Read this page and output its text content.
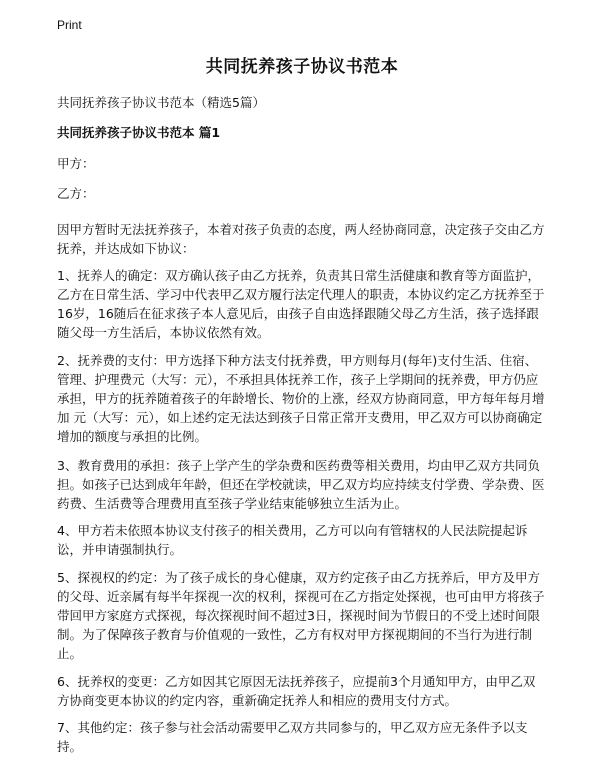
Print
共同抚养孩子协议书范本
共同抚养孩子协议书范本（精选5篇）
共同抚养孩子协议书范本 篇1

甲方：

乙方：

因甲方暂时无法抚养孩子，本着对孩子负责的态度，两人经协商同意，决定孩子交由乙方抚养，并达成如下协议：

1、抚养人的确定：双方确认孩子由乙方抚养，负责其日常生活健康和教育等方面监护，乙方在日常生活、学习中代表甲乙双方履行法定代理人的职责，本协议约定乙方抚养至于16岁，16随后在征求孩子本人意见后，由孩子自由选择跟随父母乙方生活，孩子选择跟随父母一方生活后，本协议依然有效。

2、抚养费的支付：甲方选择下种方法支付抚养费，甲方则每月(每年)支付生活、住宿、管理、护理费元（大写：元），不承担具体抚养工作，孩子上学期间的抚养费，甲方仍应承担，甲方的抚养随着孩子的年龄增长、物价的上涨，经双方协商同意，甲方每年每月增加 元（大写：元），如上述约定无法达到孩子日常正常开支费用，甲乙双方可以协商确定增加的额度与承担的比例。

3、教育费用的承担：孩子上学产生的学杂费和医药费等相关费用，均由甲乙双方共同负担。如孩子已达到成年年龄，但还在学校就读，甲乙双方均应持续支付学费、学杂费、医药费、生活费等合理费用直至孩子学业结束能够独立生活为止。

4、甲方若未依照本协议支付孩子的相关费用，乙方可以向有管辖权的人民法院提起诉讼，并申请强制执行。

5、探视权的约定：为了孩子成长的身心健康，双方约定孩子由乙方抚养后，甲方及甲方的父母、近亲属有每半年探视一次的权利，探视可在乙方指定处探视，也可由甲方将孩子带回甲方家庭方式探视，每次探视时间不超过3日，探视时间为节假日的不受上述时间限制。为了保障孩子教育与价值观的一致性，乙方有权对甲方探视期间的不当行为进行制止。

6、抚养权的变更：乙方如因其它原因无法抚养孩子，应提前3个月通知甲方，由甲乙双方协商变更本协议的约定内容，重新确定抚养人和相应的费用支付方式。

7、其他约定：孩子参与社会活动需要甲乙双方共同参与的，甲乙双方应无条件予以支持。
